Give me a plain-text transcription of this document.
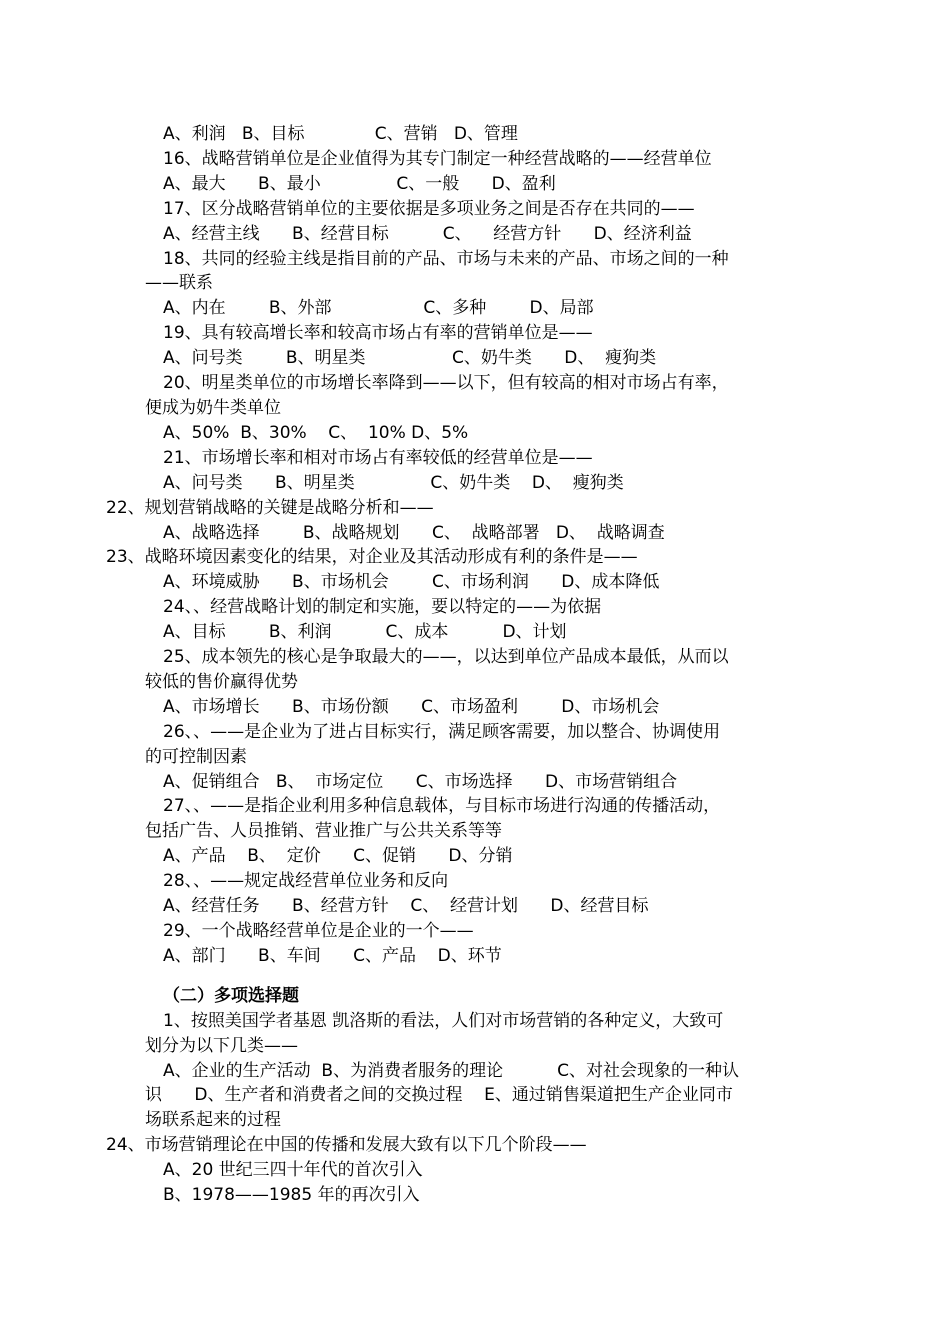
A、利润   B、目标             C、营销   D、管理
16、战略营销单位是企业值得为其专门制定一种经营战略的——经营单位
A、最大      B、最小              C、一般      D、盈利
17、区分战略营销单位的主要依据是多项业务之间是否存在共同的——
A、经营主线      B、经营目标          C、    经营方针      D、经济利益
18、共同的经验主线是指目前的产品、市场与未来的产品、市场之间的一种
——联系
A、内在        B、外部                 C、多种        D、局部
19、具有较高增长率和较高市场占有率的营销单位是——
A、问号类        B、明星类                C、奶牛类      D、  瘦狗类
20、明星类单位的市场增长率降到——以下，但有较高的相对市场占有率，
便成为奶牛类单位
A、50%  B、30%    C、  10% D、5%
21、市场增长率和相对市场占有率较低的经营单位是——
A、问号类      B、明星类              C、奶牛类    D、  瘦狗类
22、规划营销战略的关键是战略分析和——
A、战略选择        B、战略规划      C、  战略部署   D、  战略调查
23、战略环境因素变化的结果，对企业及其活动形成有利的条件是——
A、环境威胁      B、市场机会        C、市场利润      D、成本降低
24、、经营战略计划的制定和实施，要以特定的——为依据
A、目标        B、利润          C、成本          D、计划
25、成本领先的核心是争取最大的——，以达到单位产品成本最低，从而以
较低的售价赢得优势
A、市场增长      B、市场份额      C、市场盈利        D、市场机会
26、、——是企业为了进占目标实行，满足顾客需要，加以整合、协调使用
的可控制因素
A、促销组合   B、  市场定位      C、市场选择      D、市场营销组合
27、、——是指企业利用多种信息载体，与目标市场进行沟通的传播活动，
包括广告、人员推销、营业推广与公共关系等等
A、产品    B、  定价      C、促销      D、分销
28、、——规定战经营单位业务和反向
A、经营任务      B、经营方针    C、  经营计划      D、经营目标
29、一个战略经营单位是企业的一个——
A、部门      B、车间      C、产品    D、环节
（二）多项选择题
1、按照美国学者基恩 凯洛斯的看法，人们对市场营销的各种定义，大致可
划分为以下几类——
A、企业的生产活动  B、为消费者服务的理论          C、对社会现象的一种认
识      D、生产者和消费者之间的交换过程    E、通过销售渠道把生产企业同市
场联系起来的过程
24、市场营销理论在中国的传播和发展大致有以下几个阶段——
A、20 世纪三四十年代的首次引入
B、1978——1985 年的再次引入
